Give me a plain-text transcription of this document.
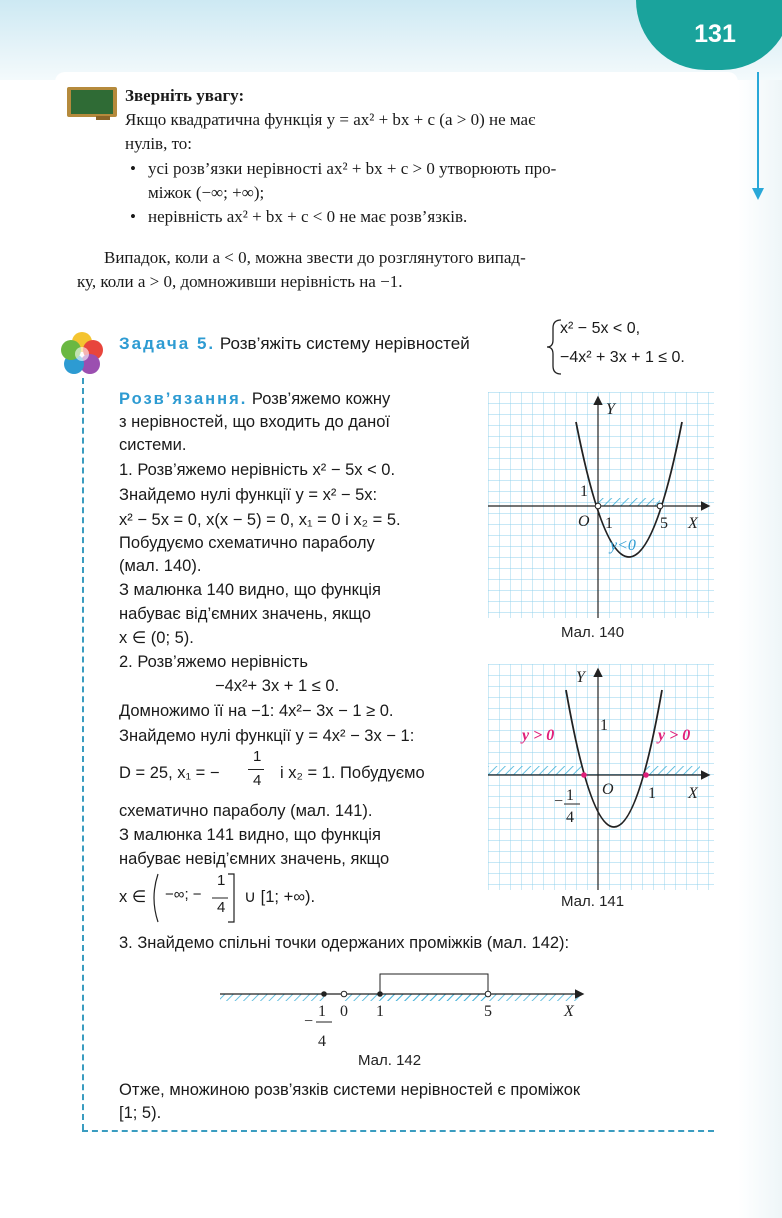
131
Зверніть увагу:
Якщо квадратична функція y = ax² + bx + c (a > 0) не має
нулів, то:
• усі розв’язки нерівності ax² + bx + c > 0 утворюють про-
міжок (−∞; +∞);
• нерівність ax² + bx + c < 0 не має розв’язків.
Випадок, коли a < 0, можна звести до розглянутого випад-
ку, коли a > 0, домноживши нерівність на −1.
Задача 5. Розв’яжіть систему нерівностей
x² − 5x < 0,
−4x² + 3x + 1 ≤ 0.
Розв’язання. Розв’яжемо кожну
з нерівностей, що входить до даної
системи.
1. Розв’яжемо нерівність x² − 5x < 0.
Знайдемо нулі функції y = x² − 5x:
x² − 5x = 0, x(x − 5) = 0, x₁ = 0 і x₂ = 5.
Побудуємо схематично параболу
(мал. 140).
З малюнка 140 видно, що функція
набуває від’ємних значень, якщо
x ∈ (0; 5).
2. Розв’яжемо нерівність
−4x²+ 3x + 1 ≤ 0.
Домножимо її на −1: 4x²− 3x − 1 ≥ 0.
Знайдемо нулі функції y = 4x² − 3x − 1:
D = 25, x₁ = −
1
4 і x₂ = 1. Побудуємо
схематично параболу (мал. 141).
З малюнка 141 видно, що функція
набуває невід’ємних значень, якщо
x ∈ −∞; −
1
4
∪ [1; +∞).
3. Знайдемо спільні точки одержаних проміжків (мал. 142):
Отже, множиною розв’язків системи нерівностей є проміжок
[1; 5).
Y
X
O 1	5
1
y<0
Мал. 140
Y
X
O 1
1
y > 0	y > 0
− 1
4
Мал. 141
X
−
1
4
0 1	5
Мал. 142
